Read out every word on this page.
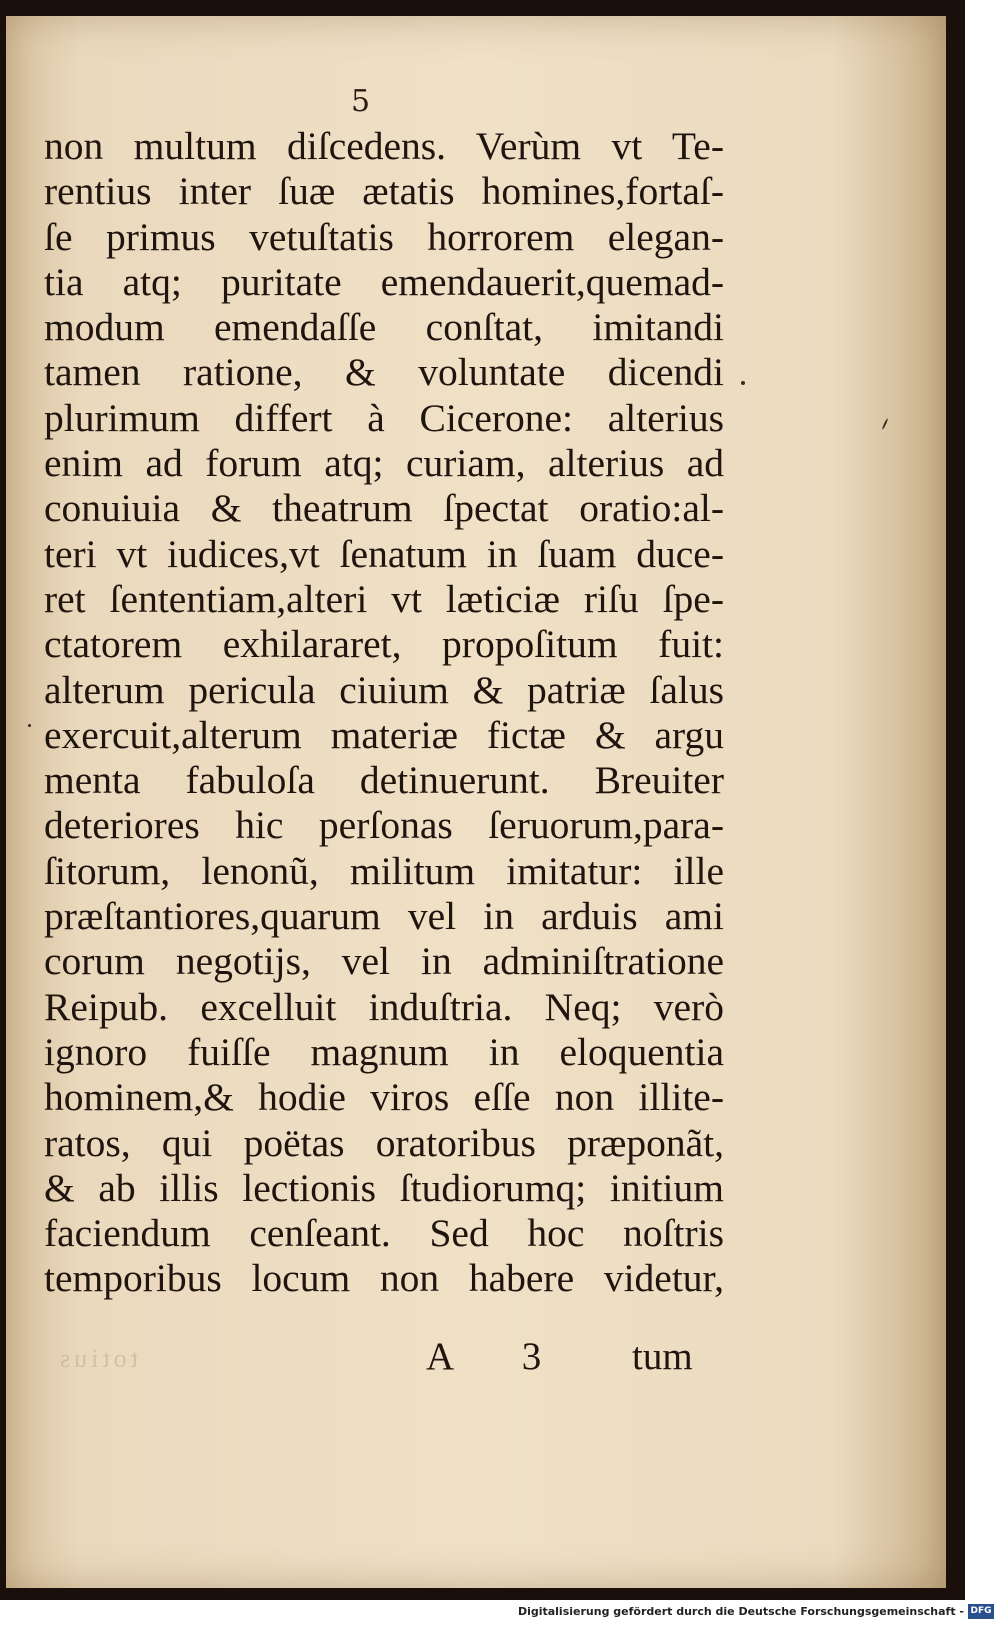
5
non multum diſcedens. Verùm vt Te-
rentius inter ſuæ ætatis homines,fortaſ-
ſe primus vetuſtatis horrorem elegan-
tia atq; puritate emendauerit,quemad-
modum emendaſſe conſtat, imitandi
tamen ratione, & voluntate dicendi
plurimum differt à Cicerone: alterius
enim ad forum atq; curiam, alterius ad
conuiuia & theatrum ſpectat oratio:al-
teri vt iudices,vt ſenatum in ſuam duce-
ret ſententiam,alteri vt læticiæ riſu ſpe-
ctatorem exhilararet, propoſitum fuit:
alterum pericula ciuium & patriæ ſalus
exercuit,alterum materiæ fictæ & argu
menta fabuloſa detinuerunt. Breuiter
deteriores hic perſonas ſeruorum,para-
ſitorum, lenonũ, militum imitatur: ille
præſtantiores,quarum vel in arduis ami
corum negotijs, vel in adminiſtratione
Reipub. excelluit induſtria. Neq; verò
ignoro fuiſſe magnum in eloquentia
hominem,& hodie viros eſſe non illite-
ratos, qui poëtas oratoribus præponãt,
& ab illis lectionis ſtudiorumq; initium
faciendum cenſeant. Sed hoc noſtris
temporibus locum non habere videtur,
totius	A 3 tum
Digitalisierung gefördert durch die Deutsche Forschungsgemeinschaft - DFG
